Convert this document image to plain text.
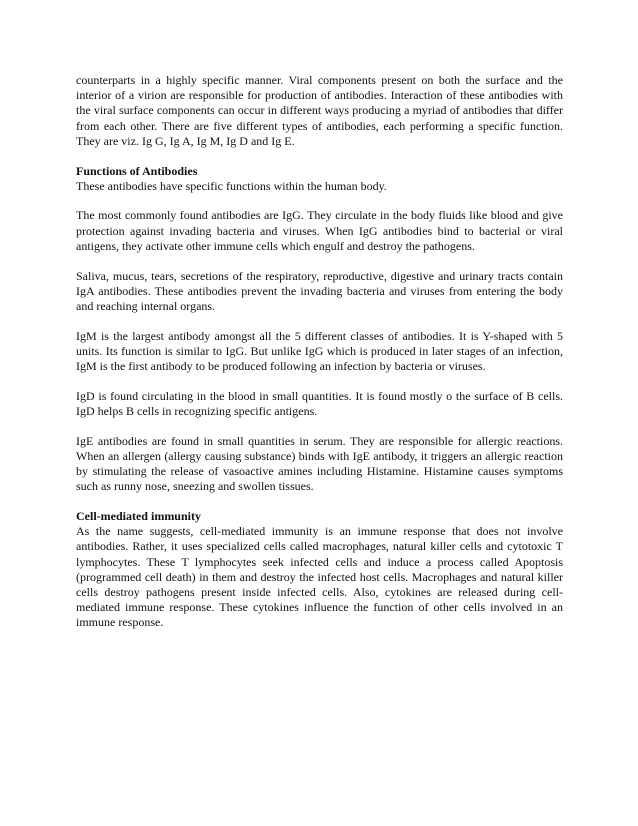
counterparts in a highly specific manner. Viral components present on both the surface and the interior of a virion are responsible for production of antibodies. Interaction of these antibodies with the viral surface components can occur in different ways producing a myriad of antibodies that differ from each other. There are five different types of antibodies, each performing a specific function. They are viz. Ig G, Ig A, Ig M, Ig D and Ig E.

Functions of Antibodies

These antibodies have specific functions within the human body.

The most commonly found antibodies are IgG. They circulate in the body fluids like blood and give protection against invading bacteria and viruses. When IgG antibodies bind to bacterial or viral antigens, they activate other immune cells which engulf and destroy the pathogens.

Saliva, mucus, tears, secretions of the respiratory, reproductive, digestive and urinary tracts contain IgA antibodies. These antibodies prevent the invading bacteria and viruses from entering the body and reaching internal organs.

IgM is the largest antibody amongst all the 5 different classes of antibodies. It is Y-shaped with 5 units. Its function is similar to IgG. But unlike IgG which is produced in later stages of an infection, IgM is the first antibody to be produced following an infection by bacteria or viruses.

IgD is found circulating in the blood in small quantities. It is found mostly o the surface of B cells. IgD helps B cells in recognizing specific antigens.

IgE antibodies are found in small quantities in serum. They are responsible for allergic reactions. When an allergen (allergy causing substance) binds with IgE antibody, it triggers an allergic reaction by stimulating the release of vasoactive amines including Histamine. Histamine causes symptoms such as runny nose, sneezing and swollen tissues.

Cell-mediated immunity

As the name suggests, cell-mediated immunity is an immune response that does not involve antibodies. Rather, it uses specialized cells called macrophages, natural killer cells and cytotoxic T lymphocytes. These T lymphocytes seek infected cells and induce a process called Apoptosis (programmed cell death) in them and destroy the infected host cells. Macrophages and natural killer cells destroy pathogens present inside infected cells. Also, cytokines are released during cell-mediated immune response. These cytokines influence the function of other cells involved in an immune response.
